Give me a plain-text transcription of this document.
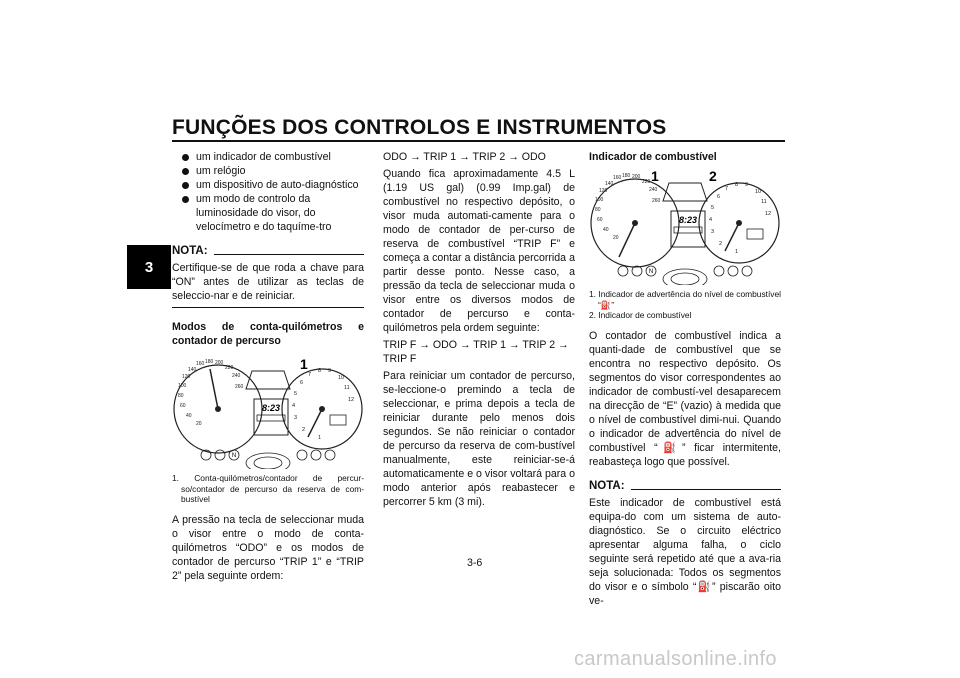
FUNÇÕES DOS CONTROLOS E INSTRUMENTOS
3
um indicador de combustível
um relógio
um dispositivo de auto-diagnóstico
um modo de controlo da luminosidade do visor, do velocímetro e do taquíme-tro
NOTA:

Certifique-se de que roda a chave para “ON” antes de utilizar as teclas de seleccio-nar e de reiniciar.

Modos de conta-quilómetros e contador de percurso

8:23
1
20
40
60
80
100
120
140
160 180 200
220
240
260
1
2
3
4
5
6
7
8 9
10
11
12
N
1. Conta-quilómetros/contador de percur-so/contador de percurso da reserva de com-bustível

A pressão na tecla de seleccionar muda o visor entre o modo de conta-quilómetros “ODO” e os modos de contador de percurso “TRIP 1” e “TRIP 2” pela seguinte ordem:

ODO → TRIP 1 → TRIP 2 → ODO

Quando fica aproximadamente 4.5 L (1.19 US gal) (0.99 Imp.gal) de combustível no respectivo depósito, o visor muda automati-camente para o modo de contador de per-curso de reserva de combustível “TRIP F” e começa a contar a distância percorrida a partir desse ponto. Nesse caso, a pressão da tecla de seleccionar muda o visor entre os diversos modos de contador de percurso e conta-quilómetros pela ordem seguinte:

TRIP F → ODO → TRIP 1 → TRIP 2 → TRIP F

Para reiniciar um contador de percurso, se-leccione-o premindo a tecla de seleccionar, e prima depois a tecla de reiniciar durante pelo menos dois segundos. Se não reiniciar o contador de percurso da reserva de com-bustível manualmente, este reiniciar-se-á automaticamente e o visor voltará para o modo anterior após reabastecer e percorrer 5 km (3 mi).

Indicador de combustível

8:23
1	2
20
40
60
80
100
120
140
160 180 200
220
240
260
1
2
3
4
5
6
7
8 9
10
11
12
N
1. Indicador de advertência do nível de combustível “⛽”
2. Indicador de combustível

O contador de combustível indica a quanti-dade de combustível que se encontra no respectivo depósito. Os segmentos do visor correspondentes ao indicador de combustí-vel desaparecem na direcção de “E” (vazio) à medida que o nível de combustível dimi-nui. Quando o indicador de advertência do nível de combustível “⛽” ficar intermitente, reabasteça logo que possível.

NOTA:

Este indicador de combustível está equipa-do com um sistema de auto-diagnóstico. Se o circuito eléctrico apresentar alguma falha, o ciclo seguinte será repetido até que a ava-ria seja solucionada: Todos os segmentos do visor e o símbolo “⛽” piscarão oito ve-

3-6
carmanualsonline.info
